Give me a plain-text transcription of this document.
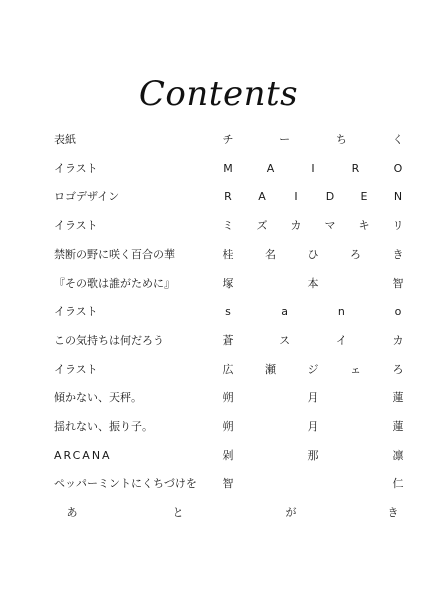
Contents
表紙	チ	ー	ち	く
イラスト	M	A	I	R	O
ロゴデザイン	R	A	I	D	E	N
イラスト	ミ	ズ	カ	マ	キ	リ
禁断の野に咲く百合の華	桂	名	ひ	ろ	き
『その歌は誰がために』	塚	本	智
イラスト	s	a	n	o
この気持ちは何だろう	蒼	ス	イ	カ
イラスト	広	瀬	ジ	ェ	ろ
傾かない、天秤。	朔	月	蓮
揺れない、振り子。	朔	月	蓮
ARCANA	剁	那	凛
ペッパーミントにくちづけを	智	仁
あ	と	が	き
